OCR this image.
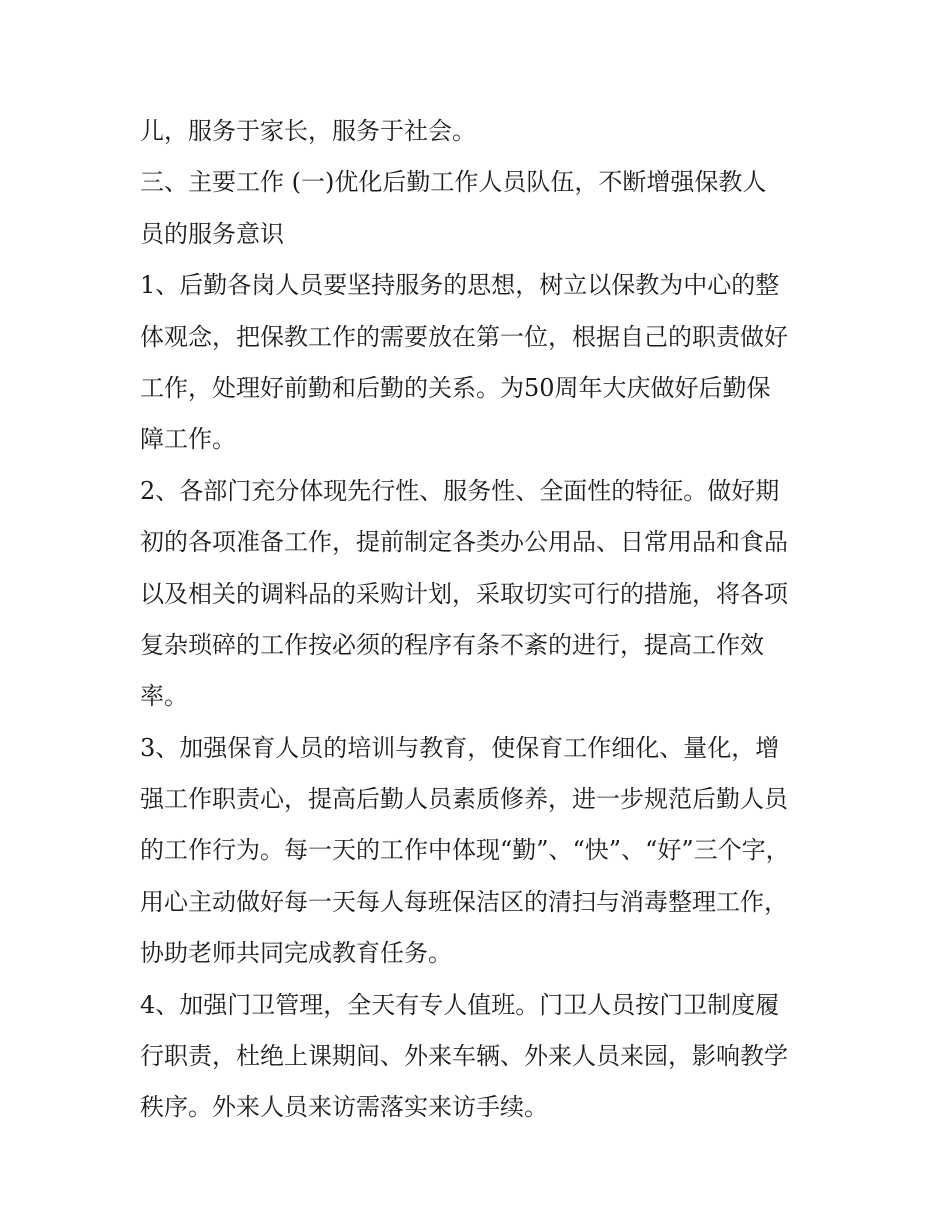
儿，服务于家长，服务于社会。
三、主要工作 (一)优化后勤工作人员队伍，不断增强保教人
员的服务意识
1、后勤各岗人员要坚持服务的思想，树立以保教为中心的整
体观念，把保教工作的需要放在第一位，根据自己的职责做好
工作，处理好前勤和后勤的关系。为50周年大庆做好后勤保
障工作。
2、各部门充分体现先行性、服务性、全面性的特征。做好期
初的各项准备工作，提前制定各类办公用品、日常用品和食品
以及相关的调料品的采购计划，采取切实可行的措施，将各项
复杂琐碎的工作按必须的程序有条不紊的进行，提高工作效
率。
3、加强保育人员的培训与教育，使保育工作细化、量化，增
强工作职责心，提高后勤人员素质修养，进一步规范后勤人员
的工作行为。每一天的工作中体现“勤”、“快”、“好”三个字，
用心主动做好每一天每人每班保洁区的清扫与消毒整理工作，
协助老师共同完成教育任务。
4、加强门卫管理，全天有专人值班。门卫人员按门卫制度履
行职责，杜绝上课期间、外来车辆、外来人员来园，影响教学
秩序。外来人员来访需落实来访手续。
